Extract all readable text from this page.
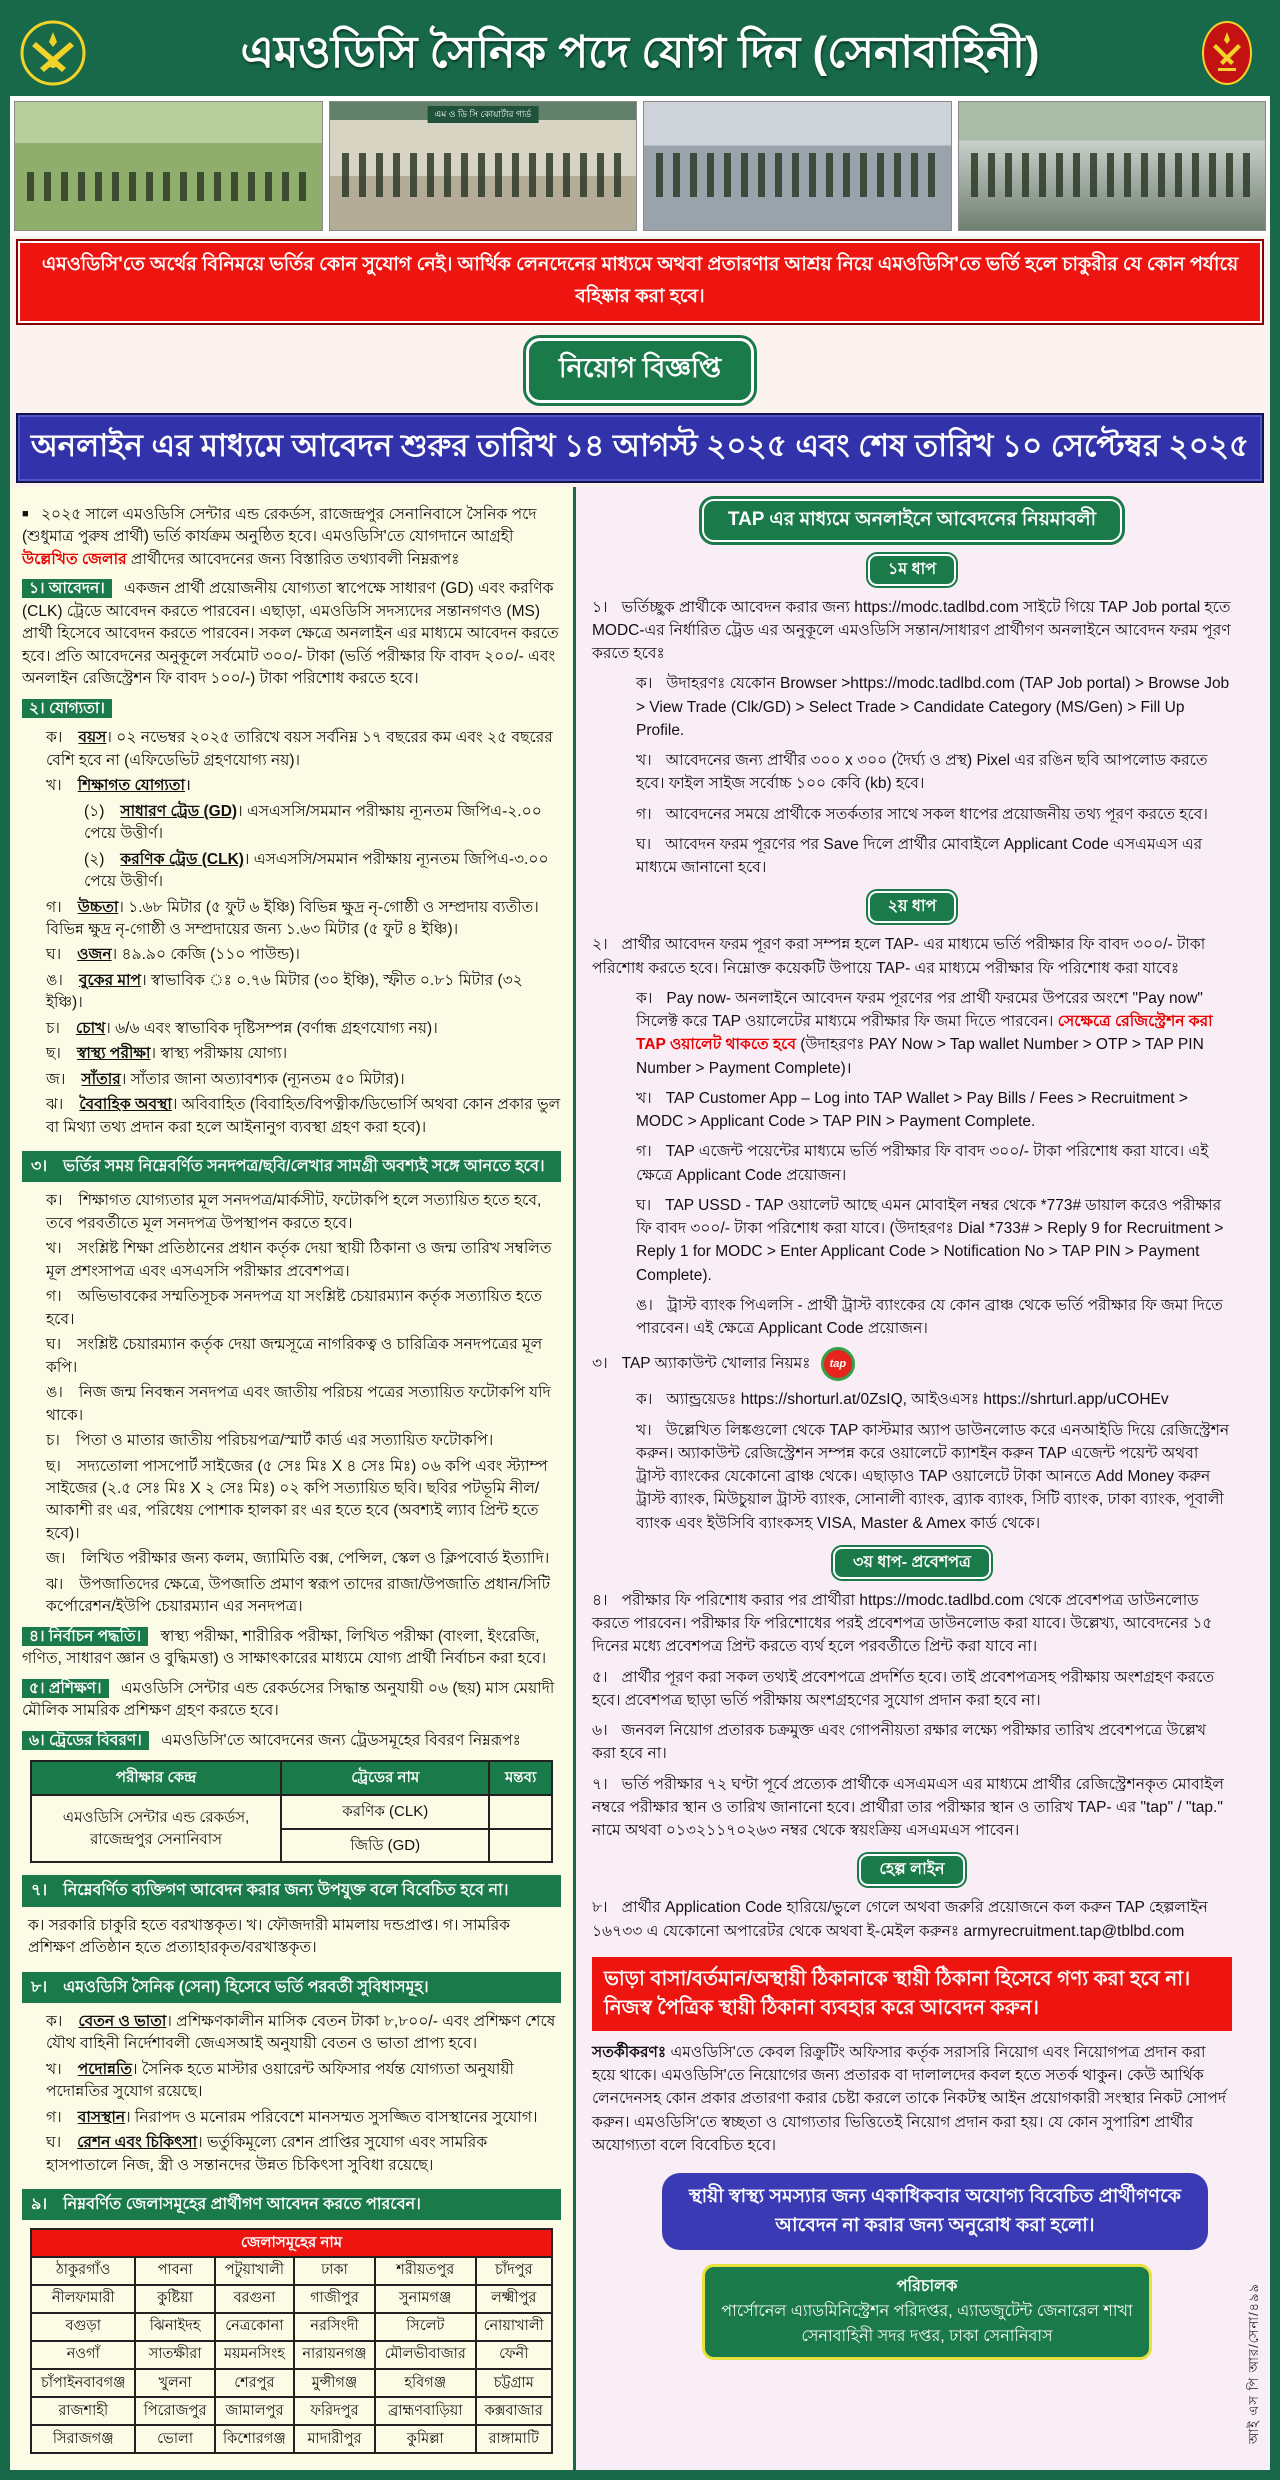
এমওডিসি সৈনিক পদে যোগ দিন (সেনাবাহিনী)
এম ও ডি সি কোয়ার্টার গার্ড
এমওডিসি'তে অর্থের বিনিময়ে ভর্তির কোন সুযোগ নেই। আর্থিক লেনদেনের মাধ্যমে অথবা প্রতারণার আশ্রয় নিয়ে এমওডিসি'তে ভর্তি হলে চাকুরীর যে কোন পর্যায়ে বহিষ্কার করা হবে।
নিয়োগ বিজ্ঞপ্তি
অনলাইন এর মাধ্যমে আবেদন শুরুর তারিখ ১৪ আগস্ট ২০২৫ এবং শেষ তারিখ ১০ সেপ্টেম্বর ২০২৫

■ ২০২৫ সালে এমওডিসি সেন্টার এন্ড রেকর্ডস, রাজেন্দ্রপুর সেনানিবাসে সৈনিক পদে (শুধুমাত্র পুরুষ প্রার্থী) ভর্তি কার্যক্রম অনুষ্ঠিত হবে। এমওডিসি'তে যোগদানে আগ্রহী উল্লেখিত জেলার প্রার্থীদের আবেদনের জন্য বিস্তারিত তথ্যাবলী নিম্নরূপঃ

১। আবেদন। একজন প্রার্থী প্রয়োজনীয় যোগ্যতা স্বাপেক্ষে সাধারণ (GD) এবং করণিক (CLK) ট্রেডে আবেদন করতে পারবেন। এছাড়া, এমওডিসি সদস্যদের সন্তানগণও (MS) প্রার্থী হিসেবে আবেদন করতে পারবেন। সকল ক্ষেত্রে অনলাইন এর মাধ্যমে আবেদন করতে হবে। প্রতি আবেদনের অনুকূলে সর্বমোট ৩০০/- টাকা (ভর্তি পরীক্ষার ফি বাবদ ২০০/- এবং অনলাইন রেজিস্ট্রেশন ফি বাবদ ১০০/-) টাকা পরিশোধ করতে হবে।

২। যোগ্যতা।

ক। বয়স। ০২ নভেম্বর ২০২৫ তারিখে বয়স সর্বনিম্ন ১৭ বছরের কম এবং ২৫ বছরের বেশি হবে না (এফিডেভিট গ্রহণযোগ্য নয়)।

খ। শিক্ষাগত যোগ্যতা।

(১) সাধারণ ট্রেড (GD)। এসএসসি/সমমান পরীক্ষায় ন্যূনতম জিপিএ-২.০০ পেয়ে উত্তীর্ণ।

(২) করণিক ট্রেড (CLK)। এসএসসি/সমমান পরীক্ষায় ন্যূনতম জিপিএ-৩.০০ পেয়ে উত্তীর্ণ।

গ। উচ্চতা। ১.৬৮ মিটার (৫ ফুট ৬ ইঞ্চি) বিভিন্ন ক্ষুদ্র নৃ-গোষ্ঠী ও সম্প্রদায় ব্যতীত। বিভিন্ন ক্ষুদ্র নৃ-গোষ্ঠী ও সম্প্রদায়ের জন্য ১.৬৩ মিটার (৫ ফুট ৪ ইঞ্চি)।

ঘ। ওজন। ৪৯.৯০ কেজি (১১০ পাউন্ড)।

ঙ। বুকের মাপ। স্বাভাবিক ঃ ০.৭৬ মিটার (৩০ ইঞ্চি), স্ফীত ০.৮১ মিটার (৩২ ইঞ্চি)।

চ। চোখ। ৬/৬ এবং স্বাভাবিক দৃষ্টিসম্পন্ন (বর্ণান্ধ গ্রহণযোগ্য নয়)।

ছ। স্বাস্থ্য পরীক্ষা। স্বাস্থ্য পরীক্ষায় যোগ্য।

জ। সাঁতার। সাঁতার জানা অত্যাবশ্যক (ন্যূনতম ৫০ মিটার)।

ঝ। বৈবাহিক অবস্থা। অবিবাহিত (বিবাহিত/বিপত্নীক/ডিভোর্সি অথবা কোন প্রকার ভুল বা মিথ্যা তথ্য প্রদান করা হলে আইনানুগ ব্যবস্থা গ্রহণ করা হবে)।

৩। ভর্তির সময় নিম্নেবর্ণিত সনদপত্র/ছবি/লেখার সামগ্রী অবশ্যই সঙ্গে আনতে হবে।

ক। শিক্ষাগত যোগ্যতার মূল সনদপত্র/মার্কসীট, ফটোকপি হলে সত্যায়িত হতে হবে, তবে পরবর্তীতে মূল সনদপত্র উপস্থাপন করতে হবে।

খ। সংশ্লিষ্ট শিক্ষা প্রতিষ্ঠানের প্রধান কর্তৃক দেয়া স্থায়ী ঠিকানা ও জন্ম তারিখ সম্বলিত মূল প্রশংসাপত্র এবং এসএসসি পরীক্ষার প্রবেশপত্র।

গ। অভিভাবকের সম্মতিসূচক সনদপত্র যা সংশ্লিষ্ট চেয়ারম্যান কর্তৃক সত্যায়িত হতে হবে।

ঘ। সংশ্লিষ্ট চেয়ারম্যান কর্তৃক দেয়া জন্মসূত্রে নাগরিকত্ব ও চারিত্রিক সনদপত্রের মূল কপি।

ঙ। নিজ জন্ম নিবন্ধন সনদপত্র এবং জাতীয় পরিচয় পত্রের সত্যায়িত ফটোকপি যদি থাকে।

চ। পিতা ও মাতার জাতীয় পরিচয়পত্র/স্মার্ট কার্ড এর সত্যায়িত ফটোকপি।

ছ। সদ্যতোলা পাসপোর্ট সাইজের (৫ সেঃ মিঃ X ৪ সেঃ মিঃ) ০৬ কপি এবং স্ট্যাম্প সাইজের (২.৫ সেঃ মিঃ X ২ সেঃ মিঃ) ০২ কপি সত্যায়িত ছবি। ছবির পটভূমি নীল/আকাশী রং এর, পরিধেয় পোশাক হালকা রং এর হতে হবে (অবশ্যই ল্যাব প্রিন্ট হতে হবে)।

জ। লিখিত পরীক্ষার জন্য কলম, জ্যামিতি বক্স, পেন্সিল, স্কেল ও ক্লিপবোর্ড ইত্যাদি।

ঝ। উপজাতিদের ক্ষেত্রে, উপজাতি প্রমাণ স্বরূপ তাদের রাজা/উপজাতি প্রধান/সিটি কর্পোরেশন/ইউপি চেয়ারম্যান এর সনদপত্র।

৪। নির্বাচন পদ্ধতি। স্বাস্থ্য পরীক্ষা, শারীরিক পরীক্ষা, লিখিত পরীক্ষা (বাংলা, ইংরেজি, গণিত, সাধারণ জ্ঞান ও বুদ্ধিমত্তা) ও সাক্ষাৎকারের মাধ্যমে যোগ্য প্রার্থী নির্বাচন করা হবে।

৫। প্রশিক্ষণ। এমওডিসি সেন্টার এন্ড রেকর্ডসের সিদ্ধান্ত অনুযায়ী ০৬ (ছয়) মাস মেয়াদী মৌলিক সামরিক প্রশিক্ষণ গ্রহণ করতে হবে।

৬। ট্রেডের বিবরণ। এমওডিসি'তে আবেদনের জন্য ট্রেডসমূহের বিবরণ নিম্নরূপঃ

পরীক্ষার কেন্দ্র	ট্রেডের নাম	মন্তব্য
এমওডিসি সেন্টার এন্ড রেকর্ডস, রাজেন্দ্রপুর সেনানিবাস	করণিক (CLK)	
	জিডি (GD)	
৭। নিম্নেবর্ণিত ব্যক্তিগণ আবেদন করার জন্য উপযুক্ত বলে বিবেচিত হবে না।

ক। সরকারি চাকুরি হতে বরখাস্তকৃত। খ। ফৌজদারী মামলায় দন্ডপ্রাপ্ত। গ। সামরিক প্রশিক্ষণ প্রতিষ্ঠান হতে প্রত্যাহারকৃত/বরখাস্তকৃত।

৮। এমওডিসি সৈনিক (সেনা) হিসেবে ভর্তি পরবর্তী সুবিধাসমূহ।

ক। বেতন ও ভাতা। প্রশিক্ষণকালীন মাসিক বেতন টাকা ৮,৮০০/- এবং প্রশিক্ষণ শেষে যৌথ বাহিনী নির্দেশাবলী জেএসআই অনুযায়ী বেতন ও ভাতা প্রাপ্য হবে।

খ। পদোন্নতি। সৈনিক হতে মাস্টার ওয়ারেন্ট অফিসার পর্যন্ত যোগ্যতা অনুযায়ী পদোন্নতির সুযোগ রয়েছে।

গ। বাসস্থান। নিরাপদ ও মনোরম পরিবেশে মানসম্মত সুসজ্জিত বাসস্থানের সুযোগ।

ঘ। রেশন এবং চিকিৎসা। ভর্তুকিমূল্যে রেশন প্রাপ্তির সুযোগ এবং সামরিক হাসপাতালে নিজ, স্ত্রী ও সন্তানদের উন্নত চিকিৎসা সুবিধা রয়েছে।

৯। নিম্নবর্ণিত জেলাসমূহের প্রার্থীগণ আবেদন করতে পারবেন।
জেলাসমূহের নাম					
ঠাকুরগাঁও	পাবনা	পটুয়াখালী	ঢাকা	শরীয়তপুর	চাঁদপুর
নীলফামারী	কুষ্টিয়া	বরগুনা	গাজীপুর	সুনামগঞ্জ	লক্ষ্মীপুর
বগুড়া	ঝিনাইদহ	নেত্রকোনা	নরসিংদী	সিলেট	নোয়াখালী
নওগাঁ	সাতক্ষীরা	ময়মনসিংহ	নারায়নগঞ্জ	মৌলভীবাজার	ফেনী
চাঁপাইনবাবগঞ্জ	খুলনা	শেরপুর	মুন্সীগঞ্জ	হবিগঞ্জ	চট্টগ্রাম
রাজশাহী	পিরোজপুর	জামালপুর	ফরিদপুর	ব্রাহ্মণবাড়িয়া	কক্সবাজার
সিরাজগঞ্জ	ভোলা	কিশোরগঞ্জ	মাদারীপুর	কুমিল্লা	রাঙ্গামাটি
TAP এর মাধ্যমে অনলাইনে আবেদনের নিয়মাবলী
১ম ধাপ

১। ভর্তিচ্ছুক প্রার্থীকে আবেদন করার জন্য https://modc.tadlbd.com সাইটে গিয়ে TAP Job portal হতে MODC-এর নির্ধারিত ট্রেড এর অনুকূলে এমওডিসি সন্তান/সাধারণ প্রার্থীগণ অনলাইনে আবেদন ফরম পূরণ করতে হবেঃ

ক। উদাহরণঃ যেকোন Browser >https://modc.tadlbd.com (TAP Job portal) > Browse Job > View Trade (Clk/GD) > Select Trade > Candidate Category (MS/Gen) > Fill Up Profile.

খ। আবেদনের জন্য প্রার্থীর ৩০০ x ৩০০ (দৈর্ঘ্য ও প্রস্থ) Pixel এর রঙিন ছবি আপলোড করতে হবে। ফাইল সাইজ সর্বোচ্চ ১০০ কেবি (kb) হবে।

গ। আবেদনের সময়ে প্রার্থীকে সতর্কতার সাথে সকল ধাপের প্রয়োজনীয় তথ্য পূরণ করতে হবে।

ঘ। আবেদন ফরম পূরণের পর Save দিলে প্রার্থীর মোবাইলে Applicant Code এসএমএস এর মাধ্যমে জানানো হবে।

২য় ধাপ

২। প্রার্থীর আবেদন ফরম পূরণ করা সম্পন্ন হলে TAP- এর মাধ্যমে ভর্তি পরীক্ষার ফি বাবদ ৩০০/- টাকা পরিশোধ করতে হবে। নিম্নোক্ত কয়েকটি উপায়ে TAP- এর মাধ্যমে পরীক্ষার ফি পরিশোধ করা যাবেঃ

ক। Pay now- অনলাইনে আবেদন ফরম পূরণের পর প্রার্থী ফরমের উপরের অংশে "Pay now" সিলেক্ট করে TAP ওয়ালেটের মাধ্যমে পরীক্ষার ফি জমা দিতে পারবেন। সেক্ষেত্রে রেজিস্ট্রেশন করা TAP ওয়ালেট থাকতে হবে (উদাহরণঃ PAY Now > Tap wallet Number > OTP > TAP PIN Number > Payment Complete)।

খ। TAP Customer App – Log into TAP Wallet > Pay Bills / Fees > Recruitment > MODC > Applicant Code > TAP PIN > Payment Complete.

গ। TAP এজেন্ট পয়েন্টের মাধ্যমে ভর্তি পরীক্ষার ফি বাবদ ৩০০/- টাকা পরিশোধ করা যাবে। এই ক্ষেত্রে Applicant Code প্রয়োজন।

ঘ। TAP USSD - TAP ওয়ালেট আছে এমন মোবাইল নম্বর থেকে *773# ডায়াল করেও পরীক্ষার ফি বাবদ ৩০০/- টাকা পরিশোধ করা যাবে। (উদাহরণঃ Dial *733# > Reply 9 for Recruitment > Reply 1 for MODC > Enter Applicant Code > Notification No > TAP PIN > Payment Complete).

ঙ। ট্রাস্ট ব্যাংক পিএলসি - প্রার্থী ট্রাস্ট ব্যাংকের যে কোন ব্রাঞ্চ থেকে ভর্তি পরীক্ষার ফি জমা দিতে পারবেন। এই ক্ষেত্রে Applicant Code প্রয়োজন।

৩। TAP অ্যাকাউন্ট খোলার নিয়মঃ tap

ক। অ্যান্ড্রয়েডঃ https://shorturl.at/0ZsIQ, আইওএসঃ https://shrturl.app/uCOHEv

খ। উল্লেখিত লিঙ্কগুলো থেকে TAP কাস্টমার অ্যাপ ডাউনলোড করে এনআইডি দিয়ে রেজিস্ট্রেশন করুন। অ্যাকাউন্ট রেজিস্ট্রেশন সম্পন্ন করে ওয়ালেটে ক্যাশইন করুন TAP এজেন্ট পয়েন্ট অথবা ট্রাস্ট ব্যাংকের যেকোনো ব্রাঞ্চ থেকে। এছাড়াও TAP ওয়ালেটে টাকা আনতে Add Money করুন ট্রাস্ট ব্যাংক, মিউচুয়াল ট্রাস্ট ব্যাংক, সোনালী ব্যাংক, ব্র্যাক ব্যাংক, সিটি ব্যাংক, ঢাকা ব্যাংক, পূবালী ব্যাংক এবং ইউসিবি ব্যাংকসহ VISA, Master & Amex কার্ড থেকে।

৩য় ধাপ- প্রবেশপত্র

৪। পরীক্ষার ফি পরিশোধ করার পর প্রার্থীরা https://modc.tadlbd.com থেকে প্রবেশপত্র ডাউনলোড করতে পারবেন। পরীক্ষার ফি পরিশোধের পরই প্রবেশপত্র ডাউনলোড করা যাবে। উল্লেখ্য, আবেদনের ১৫ দিনের মধ্যে প্রবেশপত্র প্রিন্ট করতে ব্যর্থ হলে পরবর্তীতে প্রিন্ট করা যাবে না।

৫। প্রার্থীর পূরণ করা সকল তথ্যই প্রবেশপত্রে প্রদর্শিত হবে। তাই প্রবেশপত্রসহ পরীক্ষায় অংশগ্রহণ করতে হবে। প্রবেশপত্র ছাড়া ভর্তি পরীক্ষায় অংশগ্রহণের সুযোগ প্রদান করা হবে না।

৬। জনবল নিয়োগ প্রতারক চক্রমুক্ত এবং গোপনীয়তা রক্ষার লক্ষ্যে পরীক্ষার তারিখ প্রবেশপত্রে উল্লেখ করা হবে না।

৭। ভর্তি পরীক্ষার ৭২ ঘণ্টা পূর্বে প্রত্যেক প্রার্থীকে এসএমএস এর মাধ্যমে প্রার্থীর রেজিস্ট্রেশনকৃত মোবাইল নম্বরে পরীক্ষার স্থান ও তারিখ জানানো হবে। প্রার্থীরা তার পরীক্ষার স্থান ও তারিখ TAP- এর "tap" / "tap." নামে অথবা ০১৩২১১৭০২৬৩ নম্বর থেকে স্বয়ংক্রিয় এসএমএস পাবেন।

হেল্প লাইন

৮। প্রার্থীর Application Code হারিয়ে/ভুলে গেলে অথবা জরুরি প্রয়োজনে কল করুন TAP হেল্পলাইন ১৬৭৩৩ এ যেকোনো অপারেটর থেকে অথবা ই-মেইল করুনঃ armyrecruitment.tap@tblbd.com

ভাড়া বাসা/বর্তমান/অস্থায়ী ঠিকানাকে স্থায়ী ঠিকানা হিসেবে গণ্য করা হবে না। নিজস্ব পৈত্রিক স্থায়ী ঠিকানা ব্যবহার করে আবেদন করুন।

সতর্কীকরণঃ এমওডিসি'তে কেবল রিক্রুটিং অফিসার কর্তৃক সরাসরি নিয়োগ এবং নিয়োগপত্র প্রদান করা হয়ে থাকে। এমওডিসি'তে নিয়োগের জন্য প্রতারক বা দালালদের কবল হতে সতর্ক থাকুন। কেউ আর্থিক লেনদেনসহ কোন প্রকার প্রতারণা করার চেষ্টা করলে তাকে নিকটস্থ আইন প্রয়োগকারী সংস্থার নিকট সোপর্দ করুন। এমওডিসি'তে স্বচ্ছতা ও যোগ্যতার ভিত্তিতেই নিয়োগ প্রদান করা হয়। যে কোন সুপারিশ প্রার্থীর অযোগ্যতা বলে বিবেচিত হবে।

স্থায়ী স্বাস্থ্য সমস্যার জন্য একাধিকবার অযোগ্য বিবেচিত প্রার্থীগণকে আবেদন না করার জন্য অনুরোধ করা হলো।
পরিচালক
পার্সোনেল এ্যাডমিনিস্ট্রেশন পরিদপ্তর, এ্যাডজুটেন্ট জেনারেল শাখা
সেনাবাহিনী সদর দপ্তর, ঢাকা সেনানিবাস	আই এস পি আর/সেনা/৪৯৯
